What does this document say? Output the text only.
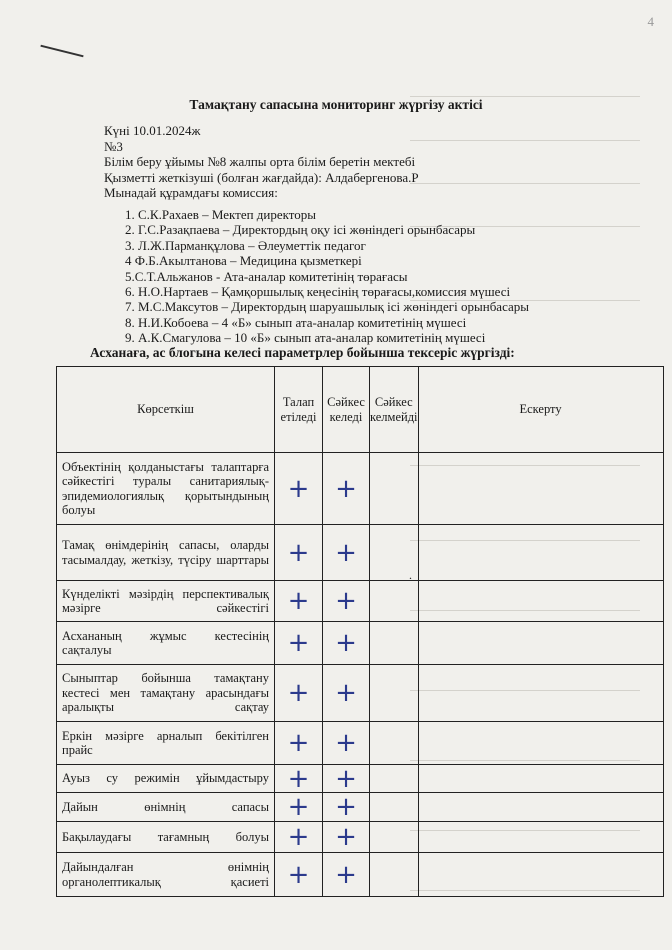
4
Тамақтану сапасына мониторинг жүргізу актісі
Күні 10.01.2024ж
№3
Білім беру ұйымы №8 жалпы орта білім беретін мектебі
Қызметті жеткізуші (болған жағдайда): Алдабергенова.Р
Мынадай құрамдағы комиссия:
1. С.К.Рахаев – Мектеп директоры
2. Г.С.Разақпаева – Директордың оқу ісі жөніндегі орынбасары
3. Л.Ж.Парманқұлова – Әлеуметтік педагог
4 Ф.Б.Акылтанова – Медицина қызметкері
5.С.Т.Альжанов - Ата-аналар комитетінің төрағасы
6. Н.О.Нартаев – Қамқоршылық кеңесінің төрағасы,комиссия мүшесі
7. М.С.Максутов – Директордың шаруашылық ісі жөніндегі орынбасары
8. Н.И.Кобоева – 4 «Б» сынып ата-аналар комитетінің мүшесі
9. А.К.Смагулова – 10 «Б» сынып ата-аналар комитетінің мүшесі
Асханаға, ас блогына келесі параметрлер бойынша тексеріс жүргізді:
Көрсеткіш	Талап етіледі	Сәйкес келеді	Сәйкес келмейді	Ескерту
Объектінің қолданыстағы талаптарға сәйкестігі туралы санитариялық-эпидемиологиялық қорытындының болуы	+	+		
Тамақ өнімдерінің сапасы, оларды тасымалдау, жеткізу, түсіру шарттары	+	+		
Күнделікті мәзірдің перспективалық мәзірге сәйкестігі	+	+		
Асхананың жұмыс кестесінің сақталуы	+	+		
Сыныптар бойынша тамақтану кестесі мен тамақтану арасындағы аралықты сақтау	+	+		
Еркін мәзірге арналып бекітілген прайс	+	+		
Ауыз су режимін ұйымдастыру	+	+		
Дайын өнімнің сапасы	+	+		
Бақылаудағы тағамның болуы	+	+		
Дайындалған өнімнің органолептикалық қасиеті	+	+		
.
